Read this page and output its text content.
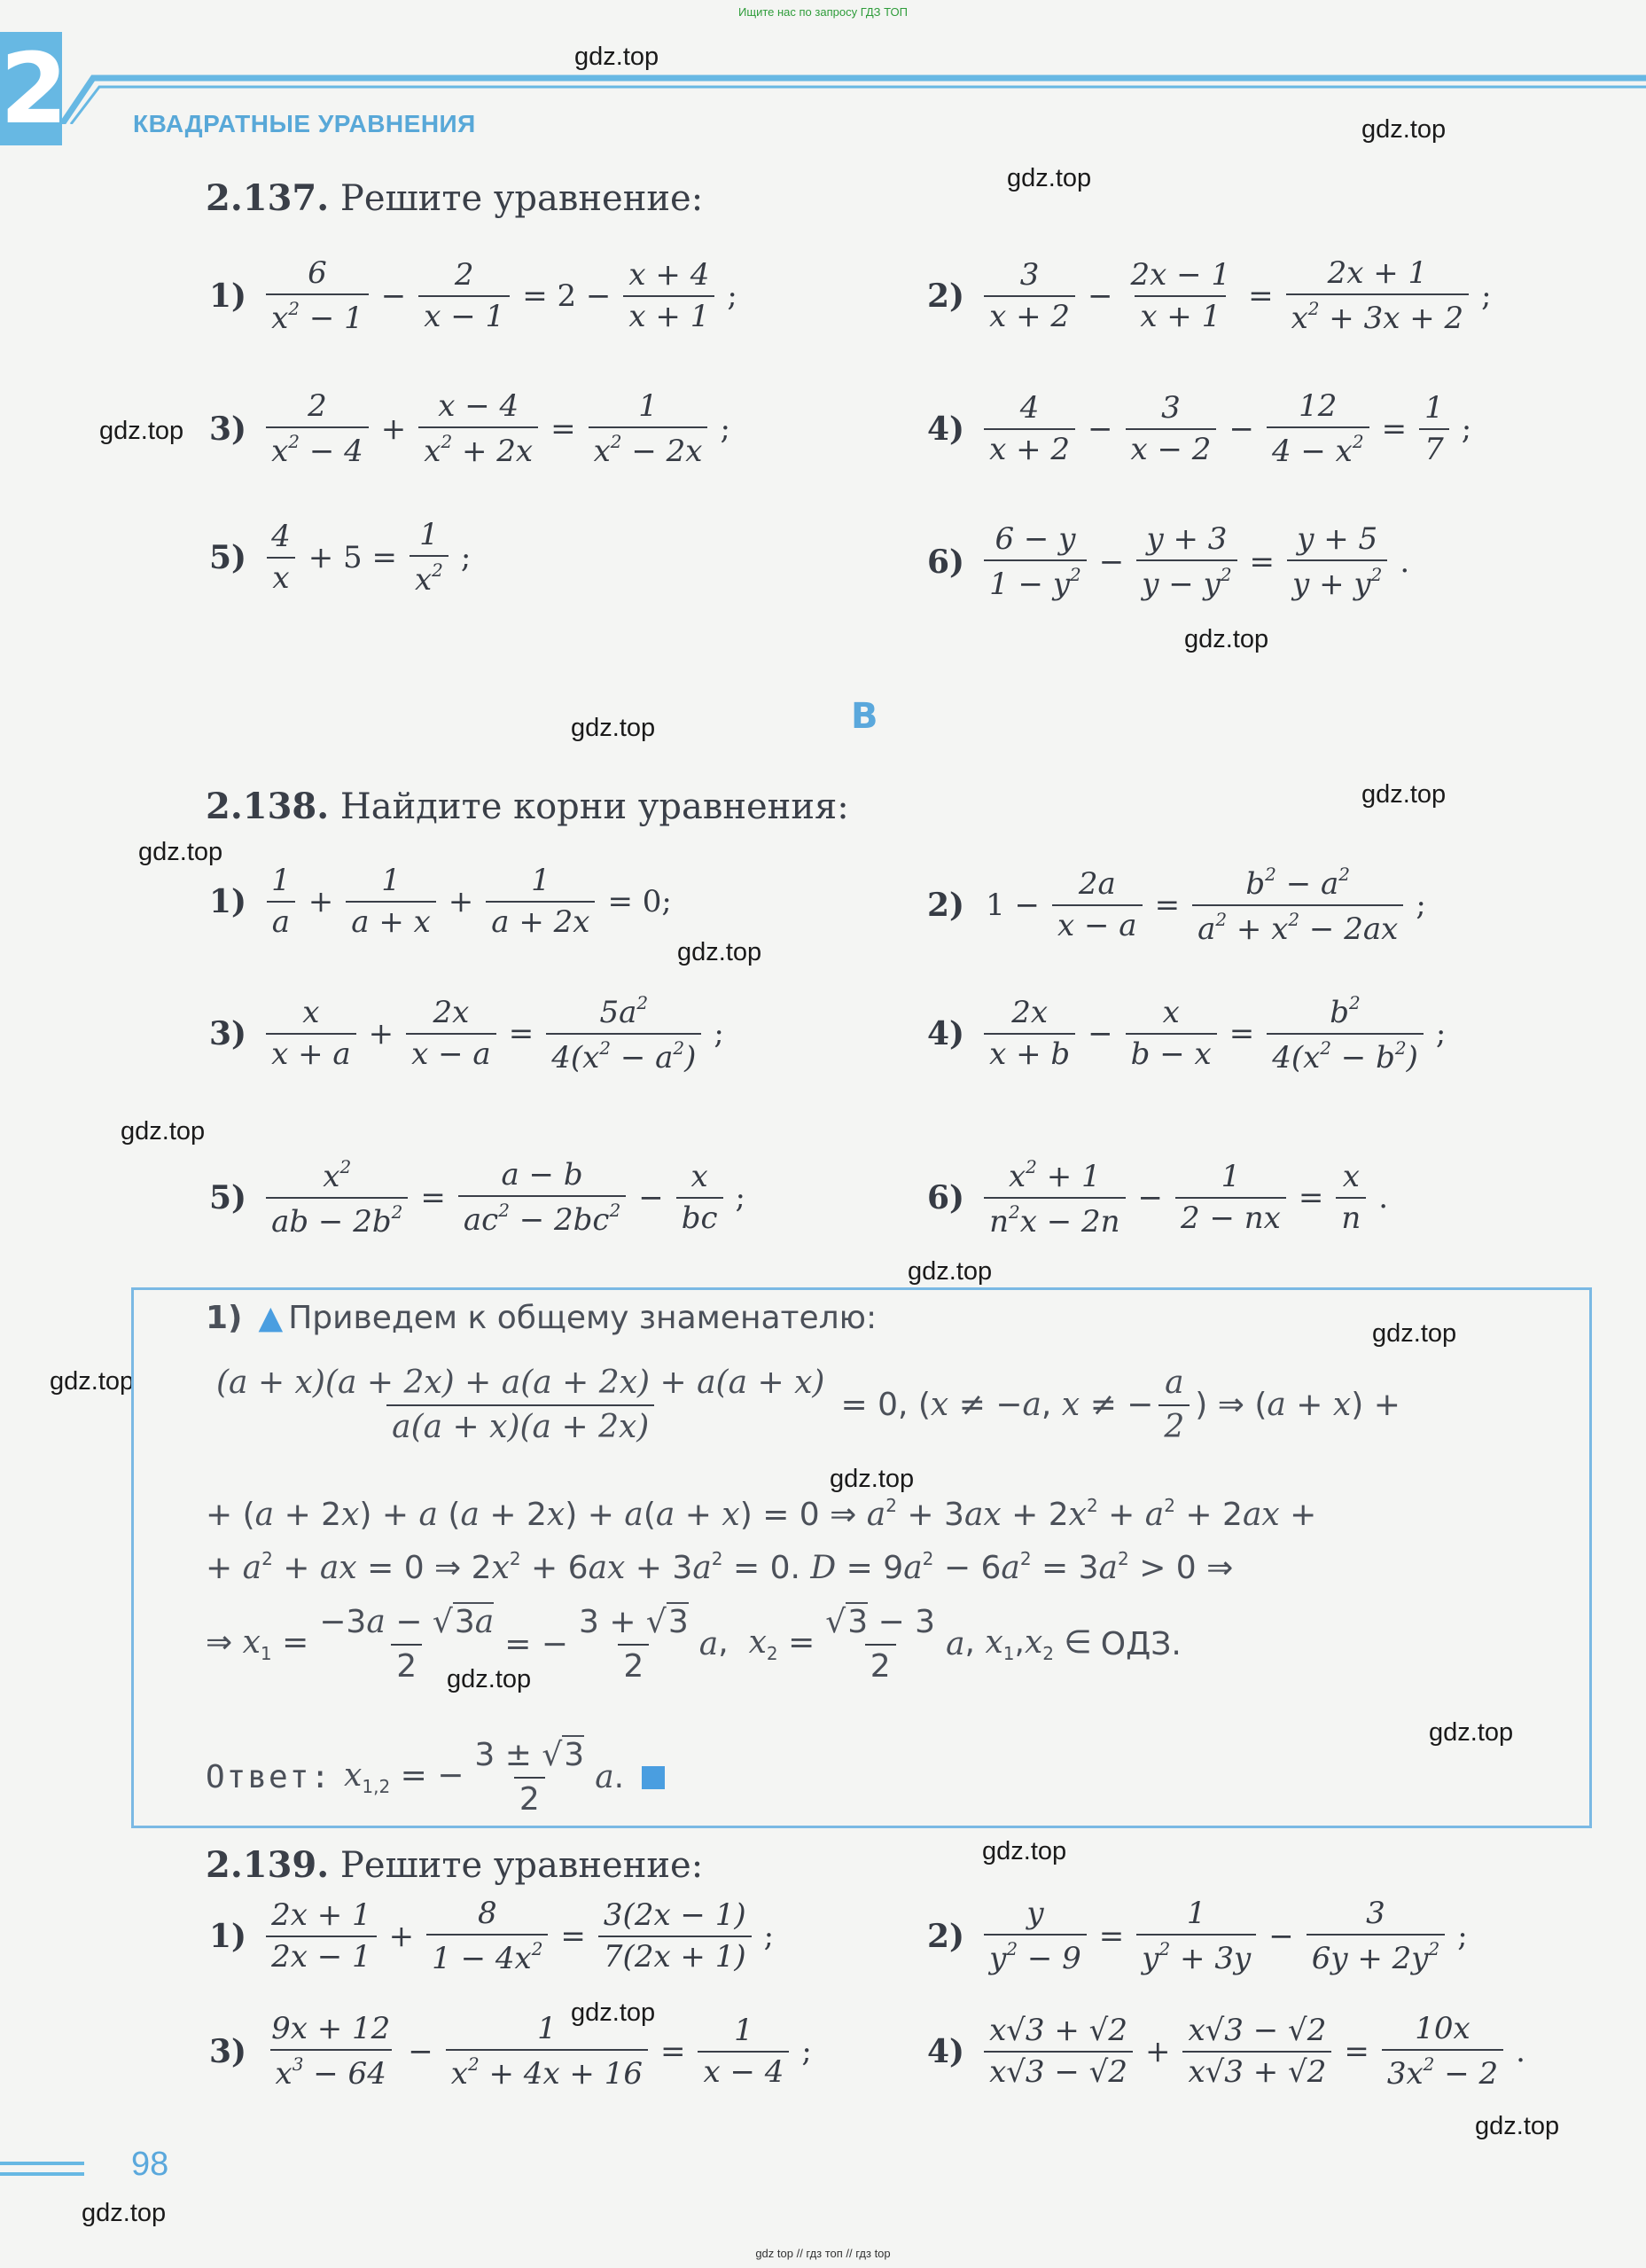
Ищите нас по запросу ГДЗ ТОП
2	КВАДРАТНЫЕ УРАВНЕНИЯ
gdz.top
gdz.top
gdz.top
gdz.top
gdz.top
gdz.top
gdz.top
gdz.top
gdz.top
gdz.top
gdz.top
gdz.top
gdz.top
gdz.top
gdz.top
gdz.top
gdz.top
gdz.top
gdz.top
gdz.top
2.137. Решите уравнение:
$1) \frac{6}{x^2 - 1} - \frac{2}{x - 1} = 2 - \frac{x + 4}{x + 1}$ ;	$2) \frac{3}{x + 2} - \frac{2x - 1}{x + 1} = \frac{2x + 1}{x^2 + 3x + 2}$ ;
$3) \frac{2}{x^2 - 4} + \frac{x - 4}{x^2 + 2x} = \frac{1}{x^2 - 2x}$ ;	$4) \frac{4}{x + 2} - \frac{3}{x - 2} - \frac{12}{4 - x^2} = \frac{1}{7}$ ;
$5) \frac{4}{x} + 5 = \frac{1}{x^2}$ ;	$6) \frac{6 - y}{1 - y^2} - \frac{y + 3}{y - y^2} = \frac{y + 5}{y + y^2}$ .
B
2.138. Найдите корни уравнения:
$1) \frac{1}{a} + \frac{1}{a + x} + \frac{1}{a + 2x} = 0$;	2) $1 - \frac{2a}{x - a} = \frac{b^2 - a^2}{a^2 + x^2 - 2ax}$ ;
$3) \frac{x}{x + a} + \frac{2x}{x - a} = \frac{5a^2}{4(x^2 - a^2)}$ ;	$4) \frac{2x}{x + b} - \frac{x}{b - x} = \frac{b^2}{4(x^2 - b^2)}$ ;
$5) \frac{x^2}{ab - 2b^2} = \frac{a - b}{ac^2 - 2bc^2} - \frac{x}{bc}$ ;	$6) \frac{x^2 + 1}{n^2x - 2n} - \frac{1}{2 - nx} = \frac{x}{n}$ .
1) ▲ Приведем к общему знаменателю:
$\frac{(a + x)(a + 2x) + a(a + 2x) + a(a + x)}{a(a + x)(a + 2x)} = 0$, (x ≠ −a, x ≠ − $\frac{a}{2}$ ) ⇒ (a + x) +
+ (a + 2x) + a (a + 2x) + a(a + x) = 0 ⇒ $a^2 + 3ax + 2x^2 + a^2 + 2ax$ +
+ $a^2$ + ax = 0 ⇒ $2x^2 + 6ax + 3a^2 = 0$. $D = 9a^2 - 6a^2 = 3a^2 > 0$ ⇒
⇒ $x_1 = \frac{-3a - √3a}{2}$ = − $\frac{3 + √3}{2}$ a ,  $x_2 = \frac{√3 - 3}{2}$ a , $x_1,x_2$ ∈ ОДЗ.
Ответ: $x_{1,2}$ = − $\frac{3 \pm √3}{2}$ a .
2.139. Решите уравнение:
$1) \frac{2x + 1}{2x - 1} + \frac{8}{1 - 4x^2} = \frac{3(2x - 1)}{7(2x + 1)}$ ;	$2) \frac{y}{y^2 - 9} = \frac{1}{y^2 + 3y} - \frac{3}{6y + 2y^2}$ ;
$3) \frac{9x + 12}{x^3 - 64} - \frac{1}{x^2 + 4x + 16} = \frac{1}{x - 4}$ ;	$4) \frac{x√3 + √2}{x√3 - √2} + \frac{x√3 - √2}{x√3 + √2} = \frac{10x}{3x^2 - 2}$ .
98
gdz top // гдз топ // гдз top
